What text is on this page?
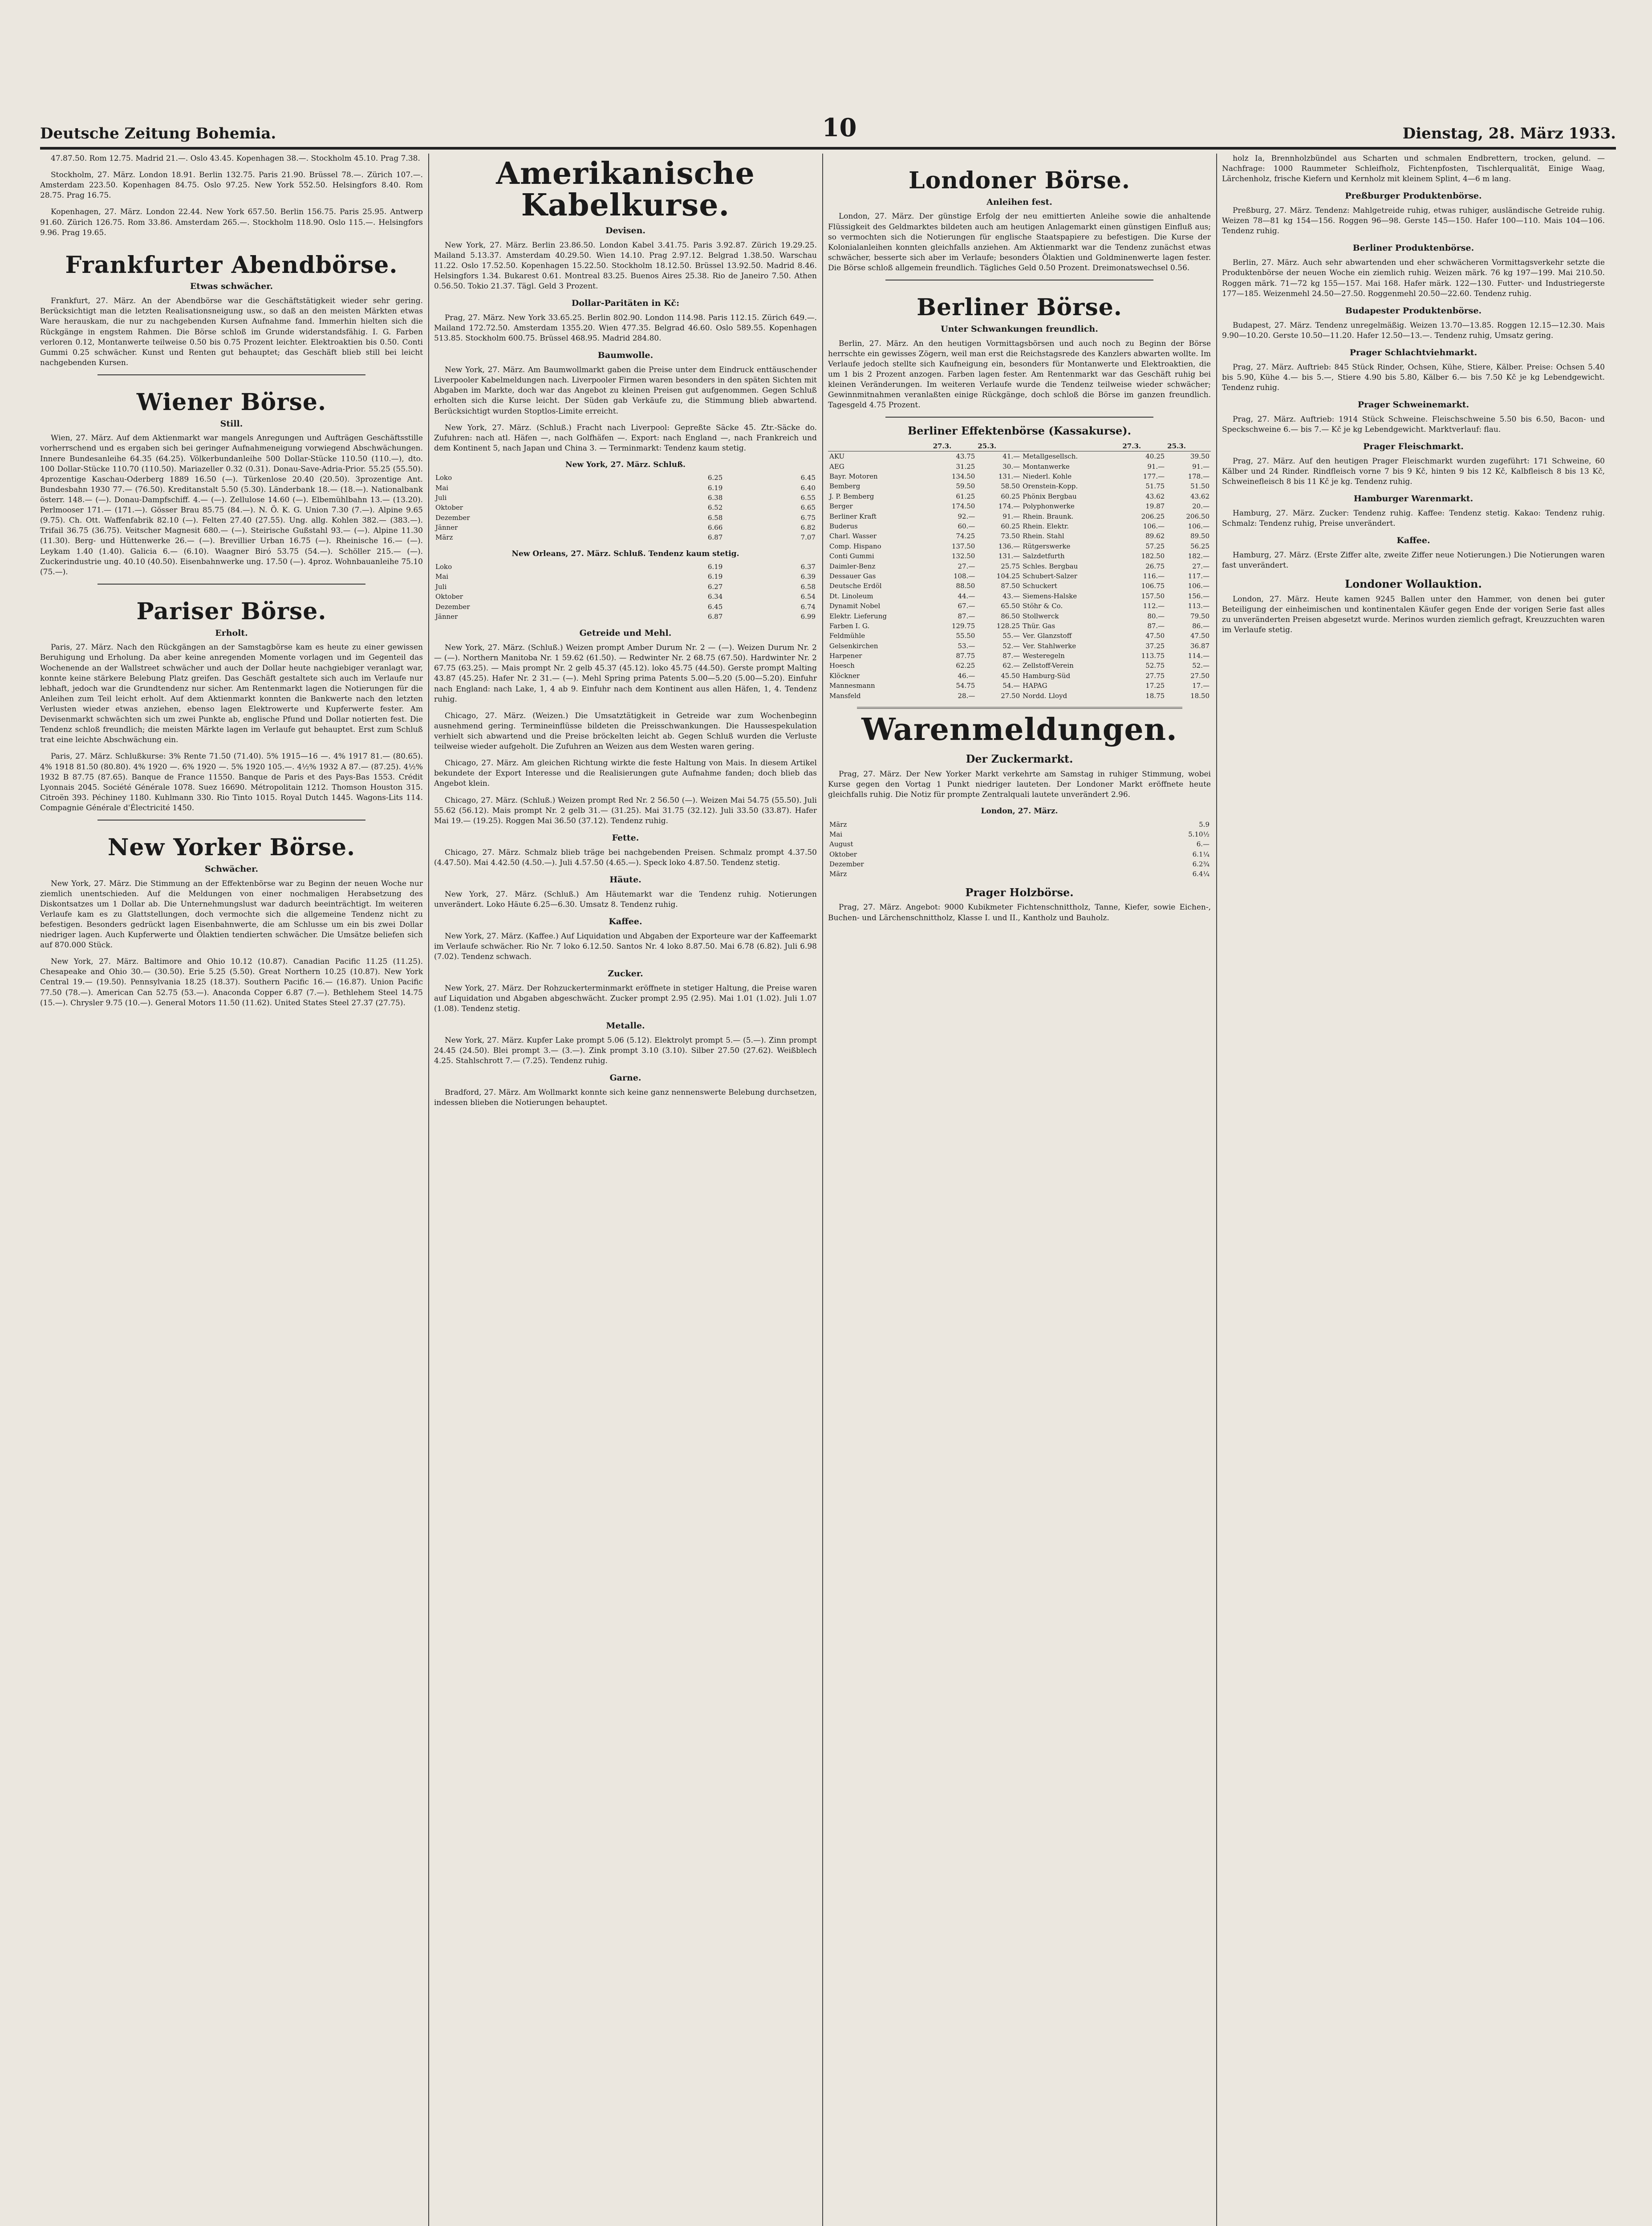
Deutsche Zeitung Bohemia.	10	Dienstag, 28. März 1933.

47.87.50. Rom 12.75. Madrid 21.—. Oslo 43.45. Kopenhagen 38.—. Stockholm 45.10. Prag 7.38.

Stockholm, 27. März. London 18.91. Berlin 132.75. Paris 21.90. Brüssel 78.—. Zürich 107.—. Amsterdam 223.50. Kopenhagen 84.75. Oslo 97.25. New York 552.50. Helsingfors 8.40. Rom 28.75. Prag 16.75.

Kopenhagen, 27. März. London 22.44. New York 657.50. Berlin 156.75. Paris 25.95. Antwerp 91.60. Zürich 126.75. Rom 33.86. Amsterdam 265.—. Stockholm 118.90. Oslo 115.—. Helsingfors 9.96. Prag 19.65.

Frankfurter Abendbörse.
Etwas schwächer.

Frankfurt, 27. März. An der Abendbörse war die Geschäftstätigkeit wieder sehr gering. Berücksichtigt man die letzten Realisationsneigung usw., so daß an den meisten Märkten etwas Ware herauskam, die nur zu nachgebenden Kursen Aufnahme fand. Immerhin hielten sich die Rückgänge in engstem Rahmen. Die Börse schloß im Grunde widerstandsfähig. I. G. Farben verloren 0.12, Montanwerte teilweise 0.50 bis 0.75 Prozent leichter. Elektroaktien bis 0.50. Conti Gummi 0.25 schwächer. Kunst und Renten gut behauptet; das Geschäft blieb still bei leicht nachgebenden Kursen.

Wiener Börse.
Still.

Wien, 27. März. Auf dem Aktienmarkt war mangels Anregungen und Aufträgen Geschäftsstille vorherrschend und es ergaben sich bei geringer Aufnahmeneigung vorwiegend Abschwächungen. Innere Bundesanleihe 64.35 (64.25). Völkerbundanleihe 500 Dollar-Stücke 110.50 (110.—), dto. 100 Dollar-Stücke 110.70 (110.50). Mariazeller 0.32 (0.31). Donau-Save-Adria-Prior. 55.25 (55.50). 4prozentige Kaschau-Oderberg 1889 16.50 (—). Türkenlose 20.40 (20.50). 3prozentige Ant. Bundesbahn 1930 77.— (76.50). Kreditanstalt 5.50 (5.30). Länderbank 18.— (18.—). Nationalbank österr. 148.— (—). Donau-Dampfschiff. 4.— (—). Zellulose 14.60 (—). Elbemühlbahn 13.— (13.20). Perlmooser 171.— (171.—). Gösser Brau 85.75 (84.—). N. Ö. K. G. Union 7.30 (7.—). Alpine 9.65 (9.75). Ch. Ott. Waffenfabrik 82.10 (—). Felten 27.40 (27.55). Ung. allg. Kohlen 382.— (383.—). Trifail 36.75 (36.75). Veitscher Magnesit 680.— (—). Steirische Gußstahl 93.— (—). Alpine 11.30 (11.30). Berg- und Hüttenwerke 26.— (—). Brevillier Urban 16.75 (—). Rheinische 16.— (—). Leykam 1.40 (1.40). Galicia 6.— (6.10). Waagner Biró 53.75 (54.—). Schöller 215.— (—). Zuckerindustrie ung. 40.10 (40.50). Eisenbahnwerke ung. 17.50 (—). 4proz. Wohnbauanleihe 75.10 (75.—).

Pariser Börse.
Erholt.

Paris, 27. März. Nach den Rückgängen an der Samstagbörse kam es heute zu einer gewissen Beruhigung und Erholung. Da aber keine anregenden Momente vorlagen und im Gegenteil das Wochenende an der Wallstreet schwächer und auch der Dollar heute nachgiebiger veranlagt war, konnte keine stärkere Belebung Platz greifen. Das Geschäft gestaltete sich auch im Verlaufe nur lebhaft, jedoch war die Grundtendenz nur sicher. Am Rentenmarkt lagen die Notierungen für die Anleihen zum Teil leicht erholt. Auf dem Aktienmarkt konnten die Bankwerte nach den letzten Verlusten wieder etwas anziehen, ebenso lagen Elektrowerte und Kupferwerte fester. Am Devisenmarkt schwächten sich um zwei Punkte ab, englische Pfund und Dollar notierten fest. Die Tendenz schloß freundlich; die meisten Märkte lagen im Verlaufe gut behauptet. Erst zum Schluß trat eine leichte Abschwächung ein.

Paris, 27. März. Schlußkurse: 3% Rente 71.50 (71.40). 5% 1915—16 —. 4% 1917 81.— (80.65). 4% 1918 81.50 (80.80). 4% 1920 —. 6% 1920 —. 5% 1920 105.—. 4½% 1932 A 87.— (87.25). 4½% 1932 B 87.75 (87.65). Banque de France 11550. Banque de Paris et des Pays-Bas 1553. Crédit Lyonnais 2045. Société Générale 1078. Suez 16690. Métropolitain 1212. Thomson Houston 315. Citroën 393. Péchiney 1180. Kuhlmann 330. Rio Tinto 1015. Royal Dutch 1445. Wagons-Lits 114. Compagnie Générale d'Électricité 1450.

New Yorker Börse.
Schwächer.

New York, 27. März. Die Stimmung an der Effektenbörse war zu Beginn der neuen Woche nur ziemlich unentschieden. Auf die Meldungen von einer nochmaligen Herabsetzung des Diskontsatzes um 1 Dollar ab. Die Unternehmungslust war dadurch beeinträchtigt. Im weiteren Verlaufe kam es zu Glattstellungen, doch vermochte sich die allgemeine Tendenz nicht zu befestigen. Besonders gedrückt lagen Eisenbahnwerte, die am Schlusse um ein bis zwei Dollar niedriger lagen. Auch Kupferwerte und Ölaktien tendierten schwächer. Die Umsätze beliefen sich auf 870.000 Stück.

New York, 27. März. Baltimore and Ohio 10.12 (10.87). Canadian Pacific 11.25 (11.25). Chesapeake and Ohio 30.— (30.50). Erie 5.25 (5.50). Great Northern 10.25 (10.87). New York Central 19.— (19.50). Pennsylvania 18.25 (18.37). Southern Pacific 16.— (16.87). Union Pacific 77.50 (78.—). American Can 52.75 (53.—). Anaconda Copper 6.87 (7.—). Bethlehem Steel 14.75 (15.—). Chrysler 9.75 (10.—). General Motors 11.50 (11.62). United States Steel 27.37 (27.75).

Amerikanische Kabelkurse.
Devisen.

New York, 27. März. Berlin 23.86.50. London Kabel 3.41.75. Paris 3.92.87. Zürich 19.29.25. Mailand 5.13.37. Amsterdam 40.29.50. Wien 14.10. Prag 2.97.12. Belgrad 1.38.50. Warschau 11.22. Oslo 17.52.50. Kopenhagen 15.22.50. Stockholm 18.12.50. Brüssel 13.92.50. Madrid 8.46. Helsingfors 1.34. Bukarest 0.61. Montreal 83.25. Buenos Aires 25.38. Rio de Janeiro 7.50. Athen 0.56.50. Tokio 21.37. Tägl. Geld 3 Prozent.

Dollar-Paritäten in Kč:

Prag, 27. März. New York 33.65.25. Berlin 802.90. London 114.98. Paris 112.15. Zürich 649.—. Mailand 172.72.50. Amsterdam 1355.20. Wien 477.35. Belgrad 46.60. Oslo 589.55. Kopenhagen 513.85. Stockholm 600.75. Brüssel 468.95. Madrid 284.80.

Baumwolle.

New York, 27. März. Am Baumwollmarkt gaben die Preise unter dem Eindruck enttäuschender Liverpooler Kabelmeldungen nach. Liverpooler Firmen waren besonders in den späten Sichten mit Abgaben im Markte, doch war das Angebot zu kleinen Preisen gut aufgenommen. Gegen Schluß erholten sich die Kurse leicht. Der Süden gab Verkäufe zu, die Stimmung blieb abwartend. Berücksichtigt wurden Stoptlos-Limite erreicht.

New York, 27. März. (Schluß.) Fracht nach Liverpool: Gepreßte Säcke 45. Ztr.-Säcke do. Zufuhren: nach atl. Häfen —, nach Golfhäfen —. Export: nach England —, nach Frankreich und dem Kontinent 5, nach Japan und China 3. — Terminmarkt: Tendenz kaum stetig.

New York, 27. März. Schluß.
Loko	6.25	6.45
Mai	6.19	6.40
Juli	6.38	6.55
Oktober	6.52	6.65
Dezember	6.58	6.75
Jänner	6.66	6.82
März	6.87	7.07
New Orleans, 27. März. Schluß. Tendenz kaum stetig.
Loko	6.19	6.37
Mai	6.19	6.39
Juli	6.27	6.58
Oktober	6.34	6.54
Dezember	6.45	6.74
Jänner	6.87	6.99
Getreide und Mehl.

New York, 27. März. (Schluß.) Weizen prompt Amber Durum Nr. 2 — (—). Weizen Durum Nr. 2 — (—). Northern Manitoba Nr. 1 59.62 (61.50). — Redwinter Nr. 2 68.75 (67.50). Hardwinter Nr. 2 67.75 (63.25). — Mais prompt Nr. 2 gelb 45.37 (45.12). loko 45.75 (44.50). Gerste prompt Malting 43.87 (45.25). Hafer Nr. 2 31.— (—). Mehl Spring prima Patents 5.00—5.20 (5.00—5.20). Einfuhr nach England: nach Lake, 1, 4 ab 9. Einfuhr nach dem Kontinent aus allen Häfen, 1, 4. Tendenz ruhig.

Chicago, 27. März. (Weizen.) Die Umsatztätigkeit in Getreide war zum Wochenbeginn ausnehmend gering. Termineinflüsse bildeten die Preisschwankungen. Die Haussespekulation verhielt sich abwartend und die Preise bröckelten leicht ab. Gegen Schluß wurden die Verluste teilweise wieder aufgeholt. Die Zufuhren an Weizen aus dem Westen waren gering.

Chicago, 27. März. Am gleichen Richtung wirkte die feste Haltung von Mais. In diesem Artikel bekundete der Export Interesse und die Realisierungen gute Aufnahme fanden; doch blieb das Angebot klein.

Chicago, 27. März. (Schluß.) Weizen prompt Red Nr. 2 56.50 (—). Weizen Mai 54.75 (55.50). Juli 55.62 (56.12). Mais prompt Nr. 2 gelb 31.— (31.25). Mai 31.75 (32.12). Juli 33.50 (33.87). Hafer Mai 19.— (19.25). Roggen Mai 36.50 (37.12). Tendenz ruhig.

Fette.

Chicago, 27. März. Schmalz blieb träge bei nachgebenden Preisen. Schmalz prompt 4.37.50 (4.47.50). Mai 4.42.50 (4.50.—). Juli 4.57.50 (4.65.—). Speck loko 4.87.50. Tendenz stetig.

Häute.

New York, 27. März. (Schluß.) Am Häutemarkt war die Tendenz ruhig. Notierungen unverändert. Loko Häute 6.25—6.30. Umsatz 8. Tendenz ruhig.

Kaffee.

New York, 27. März. (Kaffee.) Auf Liquidation und Abgaben der Exporteure war der Kaffeemarkt im Verlaufe schwächer. Rio Nr. 7 loko 6.12.50. Santos Nr. 4 loko 8.87.50. Mai 6.78 (6.82). Juli 6.98 (7.02). Tendenz schwach.

Zucker.

New York, 27. März. Der Rohzuckerterminmarkt eröffnete in stetiger Haltung, die Preise waren auf Liquidation und Abgaben abgeschwächt. Zucker prompt 2.95 (2.95). Mai 1.01 (1.02). Juli 1.07 (1.08). Tendenz stetig.

Metalle.

New York, 27. März. Kupfer Lake prompt 5.06 (5.12). Elektrolyt prompt 5.— (5.—). Zinn prompt 24.45 (24.50). Blei prompt 3.— (3.—). Zink prompt 3.10 (3.10). Silber 27.50 (27.62). Weißblech 4.25. Stahlschrott 7.— (7.25). Tendenz ruhig.

Garne.

Bradford, 27. März. Am Wollmarkt konnte sich keine ganz nennenswerte Belebung durchsetzen, indessen blieben die Notierungen behauptet.

Londoner Börse.
Anleihen fest.

London, 27. März. Der günstige Erfolg der neu emittierten Anleihe sowie die anhaltende Flüssigkeit des Geldmarktes bildeten auch am heutigen Anlagemarkt einen günstigen Einfluß aus; so vermochten sich die Notierungen für englische Staatspapiere zu befestigen. Die Kurse der Kolonialanleihen konnten gleichfalls anziehen. Am Aktienmarkt war die Tendenz zunächst etwas schwächer, besserte sich aber im Verlaufe; besonders Ölaktien und Goldminenwerte lagen fester. Die Börse schloß allgemein freundlich. Tägliches Geld 0.50 Prozent. Dreimonatswechsel 0.56.

Berliner Börse.
Unter Schwankungen freundlich.

Berlin, 27. März. An den heutigen Vormittagsbörsen und auch noch zu Beginn der Börse herrschte ein gewisses Zögern, weil man erst die Reichstagsrede des Kanzlers abwarten wollte. Im Verlaufe jedoch stellte sich Kaufneigung ein, besonders für Montanwerte und Elektroaktien, die um 1 bis 2 Prozent anzogen. Farben lagen fester. Am Rentenmarkt war das Geschäft ruhig bei kleinen Veränderungen. Im weiteren Verlaufe wurde die Tendenz teilweise wieder schwächer; Gewinnmitnahmen veranlaßten einige Rückgänge, doch schloß die Börse im ganzen freundlich. Tagesgeld 4.75 Prozent.

Berliner Effektenbörse (Kassakurse).
	27.3.	25.3.		27.3.	25.3.
AKU	43.75	41.—	Metallgesellsch.	40.25	39.50
AEG	31.25	30.—	Montanwerke	91.—	91.—
Bayr. Motoren	134.50	131.—	Niederl. Kohle	177.—	178.—
Bemberg	59.50	58.50	Orenstein-Kopp.	51.75	51.50
J. P. Bemberg	61.25	60.25	Phönix Bergbau	43.62	43.62
Berger	174.50	174.—	Polyphonwerke	19.87	20.—
Berliner Kraft	92.—	91.—	Rhein. Braunk.	206.25	206.50
Buderus	60.—	60.25	Rhein. Elektr.	106.—	106.—
Charl. Wasser	74.25	73.50	Rhein. Stahl	89.62	89.50
Comp. Hispano	137.50	136.—	Rütgerswerke	57.25	56.25
Conti Gummi	132.50	131.—	Salzdetfurth	182.50	182.—
Daimler-Benz	27.—	25.75	Schles. Bergbau	26.75	27.—
Dessauer Gas	108.—	104.25	Schubert-Salzer	116.—	117.—
Deutsche Erdöl	88.50	87.50	Schuckert	106.75	106.—
Dt. Linoleum	44.—	43.—	Siemens-Halske	157.50	156.—
Dynamit Nobel	67.—	65.50	Stöhr & Co.	112.—	113.—
Elektr. Lieferung	87.—	86.50	Stollwerck	80.—	79.50
Farben I. G.	129.75	128.25	Thür. Gas	87.—	86.—
Feldmühle	55.50	55.—	Ver. Glanzstoff	47.50	47.50
Gelsenkirchen	53.—	52.—	Ver. Stahlwerke	37.25	36.87
Harpener	87.75	87.—	Westeregeln	113.75	114.—
Hoesch	62.25	62.—	Zellstoff-Verein	52.75	52.—
Klöckner	46.—	45.50	Hamburg-Süd	27.75	27.50
Mannesmann	54.75	54.—	HAPAG	17.25	17.—
Mansfeld	28.—	27.50	Nordd. Lloyd	18.75	18.50
Warenmeldungen.
Der Zuckermarkt.

Prag, 27. März. Der New Yorker Markt verkehrte am Samstag in ruhiger Stimmung, wobei Kurse gegen den Vortag 1 Punkt niedriger lauteten. Der Londoner Markt eröffnete heute gleichfalls ruhig. Die Notiz für prompte Zentralquali lautete unverändert 2.96.

London, 27. März.
März	5.9
Mai	5.10½
August	6.—
Oktober	6.1¼
Dezember	6.2¾
März	6.4¼
Prager Holzbörse.

Prag, 27. März. Angebot: 9000 Kubikmeter Fichtenschnittholz, Tanne, Kiefer, sowie Eichen-, Buchen- und Lärchenschnittholz, Klasse I. und II., Kantholz und Bauholz.

holz Ia, Brennholzbündel aus Scharten und schmalen Endbrettern, trocken, gelund. — Nachfrage: 1000 Raummeter Schleifholz, Fichtenpfosten, Tischlerqualität, Einige Waag, Lärchenholz, frische Kiefern und Kernholz mit kleinem Splint, 4—6 m lang.

Preßburger Produktenbörse.

Preßburg, 27. März. Tendenz: Mahlgetreide ruhig, etwas ruhiger, ausländische Getreide ruhig. Weizen 78—81 kg 154—156. Roggen 96—98. Gerste 145—150. Hafer 100—110. Mais 104—106. Tendenz ruhig.

Berliner Produktenbörse.

Berlin, 27. März. Auch sehr abwartenden und eher schwächeren Vormittagsverkehr setzte die Produktenbörse der neuen Woche ein ziemlich ruhig. Weizen märk. 76 kg 197—199. Mai 210.50. Roggen märk. 71—72 kg 155—157. Mai 168. Hafer märk. 122—130. Futter- und Industriegerste 177—185. Weizenmehl 24.50—27.50. Roggenmehl 20.50—22.60. Tendenz ruhig.

Budapester Produktenbörse.

Budapest, 27. März. Tendenz unregelmäßig. Weizen 13.70—13.85. Roggen 12.15—12.30. Mais 9.90—10.20. Gerste 10.50—11.20. Hafer 12.50—13.—. Tendenz ruhig, Umsatz gering.

Prager Schlachtviehmarkt.

Prag, 27. März. Auftrieb: 845 Stück Rinder, Ochsen, Kühe, Stiere, Kälber. Preise: Ochsen 5.40 bis 5.90, Kühe 4.— bis 5.—, Stiere 4.90 bis 5.80, Kälber 6.— bis 7.50 Kč je kg Lebendgewicht. Tendenz ruhig.

Prager Schweinemarkt.

Prag, 27. März. Auftrieb: 1914 Stück Schweine. Fleischschweine 5.50 bis 6.50, Bacon- und Speckschweine 6.— bis 7.— Kč je kg Lebendgewicht. Marktverlauf: flau.

Prager Fleischmarkt.

Prag, 27. März. Auf den heutigen Prager Fleischmarkt wurden zugeführt: 171 Schweine, 60 Kälber und 24 Rinder. Rindfleisch vorne 7 bis 9 Kč, hinten 9 bis 12 Kč, Kalbfleisch 8 bis 13 Kč, Schweinefleisch 8 bis 11 Kč je kg. Tendenz ruhig.

Hamburger Warenmarkt.

Hamburg, 27. März. Zucker: Tendenz ruhig. Kaffee: Tendenz stetig. Kakao: Tendenz ruhig. Schmalz: Tendenz ruhig, Preise unverändert.

Kaffee.

Hamburg, 27. März. (Erste Ziffer alte, zweite Ziffer neue Notierungen.) Die Notierungen waren fast unverändert.

Londoner Wollauktion.

London, 27. März. Heute kamen 9245 Ballen unter den Hammer, von denen bei guter Beteiligung der einheimischen und kontinentalen Käufer gegen Ende der vorigen Serie fast alles zu unveränderten Preisen abgesetzt wurde. Merinos wurden ziemlich gefragt, Kreuzzuchten waren im Verlaufe stetig.
